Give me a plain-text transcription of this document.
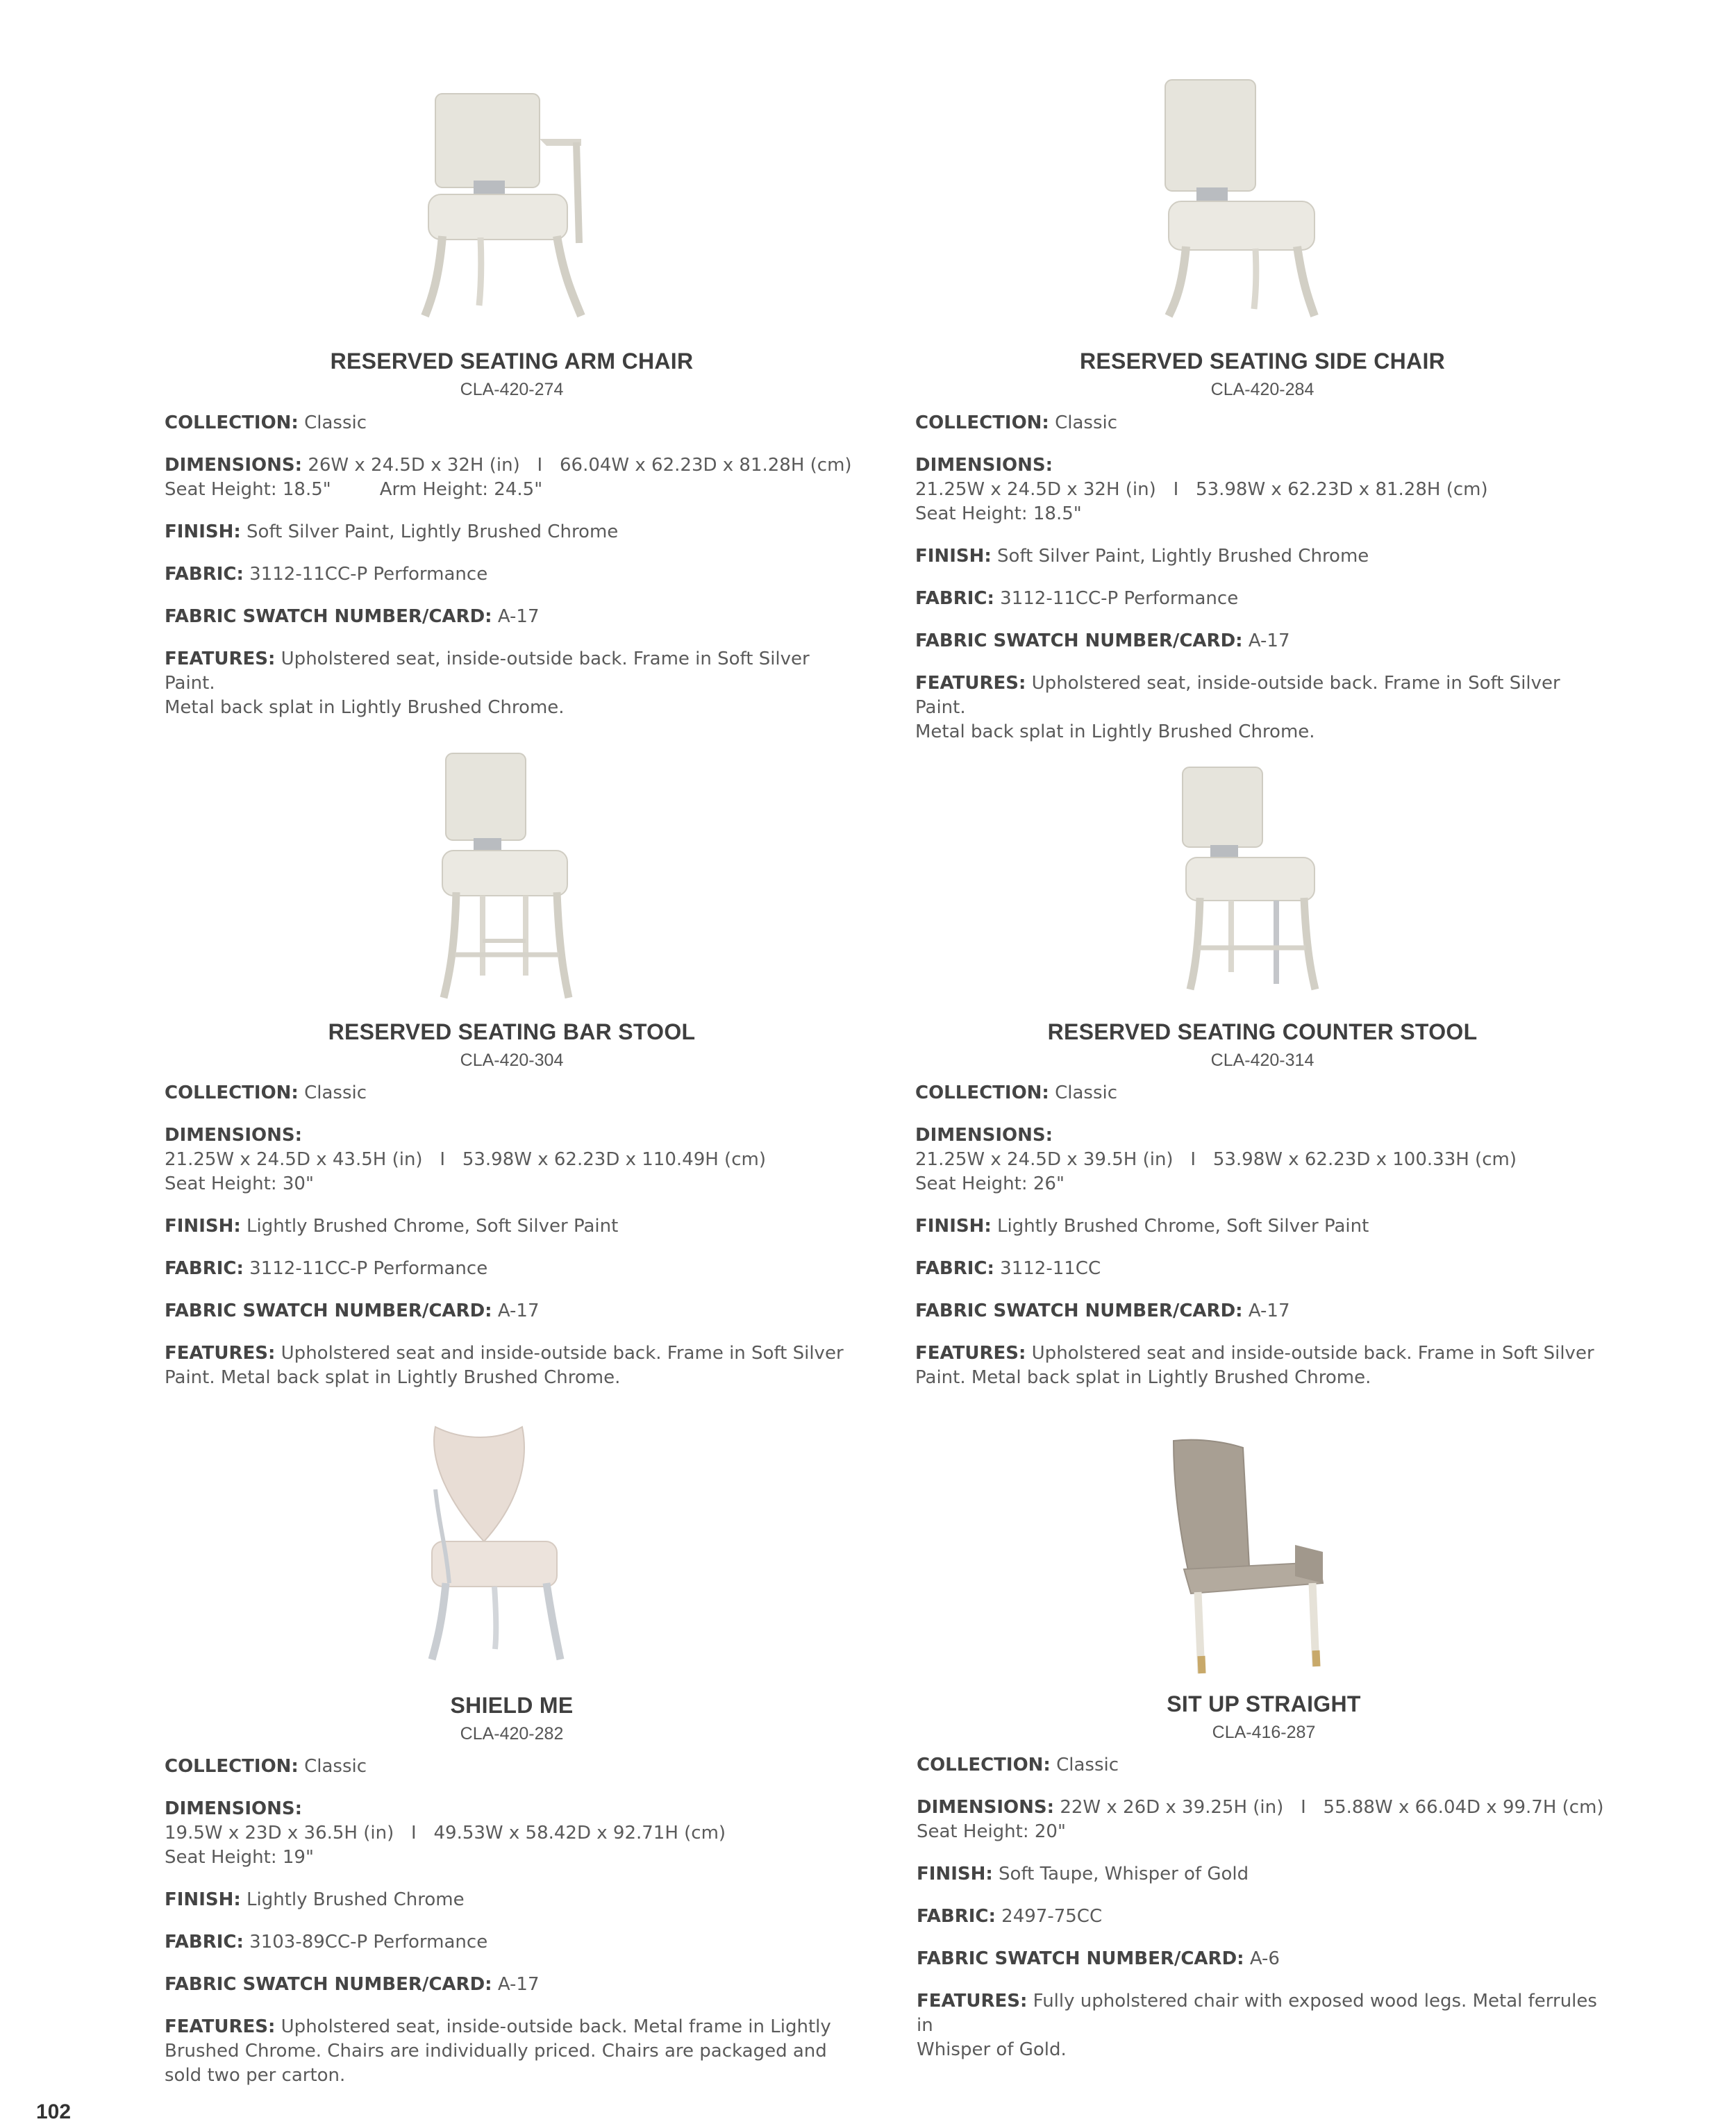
RESERVED SEATING ARM CHAIR
CLA-420-274

COLLECTION: Classic

DIMENSIONS: 26W x 24.5D x 32H (in)   I   66.04W x 62.23D x 81.28H (cm)

Seat Height: 18.5"	Arm Height: 24.5"

FINISH: Soft Silver Paint, Lightly Brushed Chrome

FABRIC: 3112-11CC-P Performance

FABRIC SWATCH NUMBER/CARD: A-17

FEATURES: Upholstered seat, inside-outside back. Frame in Soft Silver Paint.
Metal back splat in Lightly Brushed Chrome.

RESERVED SEATING SIDE CHAIR
CLA-420-284

COLLECTION: Classic

DIMENSIONS: 21.25W x 24.5D x 32H (in)   I   53.98W x 62.23D x 81.28H (cm)

Seat Height: 18.5"

FINISH: Soft Silver Paint, Lightly Brushed Chrome

FABRIC: 3112-11CC-P Performance

FABRIC SWATCH NUMBER/CARD: A-17

FEATURES: Upholstered seat, inside-outside back. Frame in Soft Silver Paint.
Metal back splat in Lightly Brushed Chrome.

RESERVED SEATING BAR STOOL
CLA-420-304

COLLECTION: Classic

DIMENSIONS: 21.25W x 24.5D x 43.5H (in)   I   53.98W x 62.23D x 110.49H (cm)

Seat Height: 30"

FINISH: Lightly Brushed Chrome, Soft Silver Paint

FABRIC: 3112-11CC-P Performance

FABRIC SWATCH NUMBER/CARD: A-17

FEATURES: Upholstered seat and inside-outside back. Frame in Soft Silver
Paint. Metal back splat in Lightly Brushed Chrome.

RESERVED SEATING COUNTER STOOL
CLA-420-314

COLLECTION: Classic

DIMENSIONS: 21.25W x 24.5D x 39.5H (in)   I   53.98W x 62.23D x 100.33H (cm)

Seat Height: 26"

FINISH: Lightly Brushed Chrome, Soft Silver Paint

FABRIC: 3112-11CC

FABRIC SWATCH NUMBER/CARD: A-17

FEATURES: Upholstered seat and inside-outside back. Frame in Soft Silver
Paint. Metal back splat in Lightly Brushed Chrome.

SHIELD ME
CLA-420-282

COLLECTION: Classic

DIMENSIONS: 19.5W x 23D x 36.5H (in)   I   49.53W x 58.42D x 92.71H (cm)

Seat Height: 19"

FINISH: Lightly Brushed Chrome

FABRIC: 3103-89CC-P Performance

FABRIC SWATCH NUMBER/CARD: A-17

FEATURES: Upholstered seat, inside-outside back. Metal frame in Lightly
Brushed Chrome. Chairs are individually priced. Chairs are packaged and
sold two per carton.

SIT UP STRAIGHT
CLA-416-287

COLLECTION: Classic

DIMENSIONS: 22W x 26D x 39.25H (in)   I   55.88W x 66.04D x 99.7H (cm)

Seat Height: 20"

FINISH: Soft Taupe, Whisper of Gold

FABRIC: 2497-75CC

FABRIC SWATCH NUMBER/CARD: A-6

FEATURES: Fully upholstered chair with exposed wood legs. Metal ferrules in
Whisper of Gold.

102
